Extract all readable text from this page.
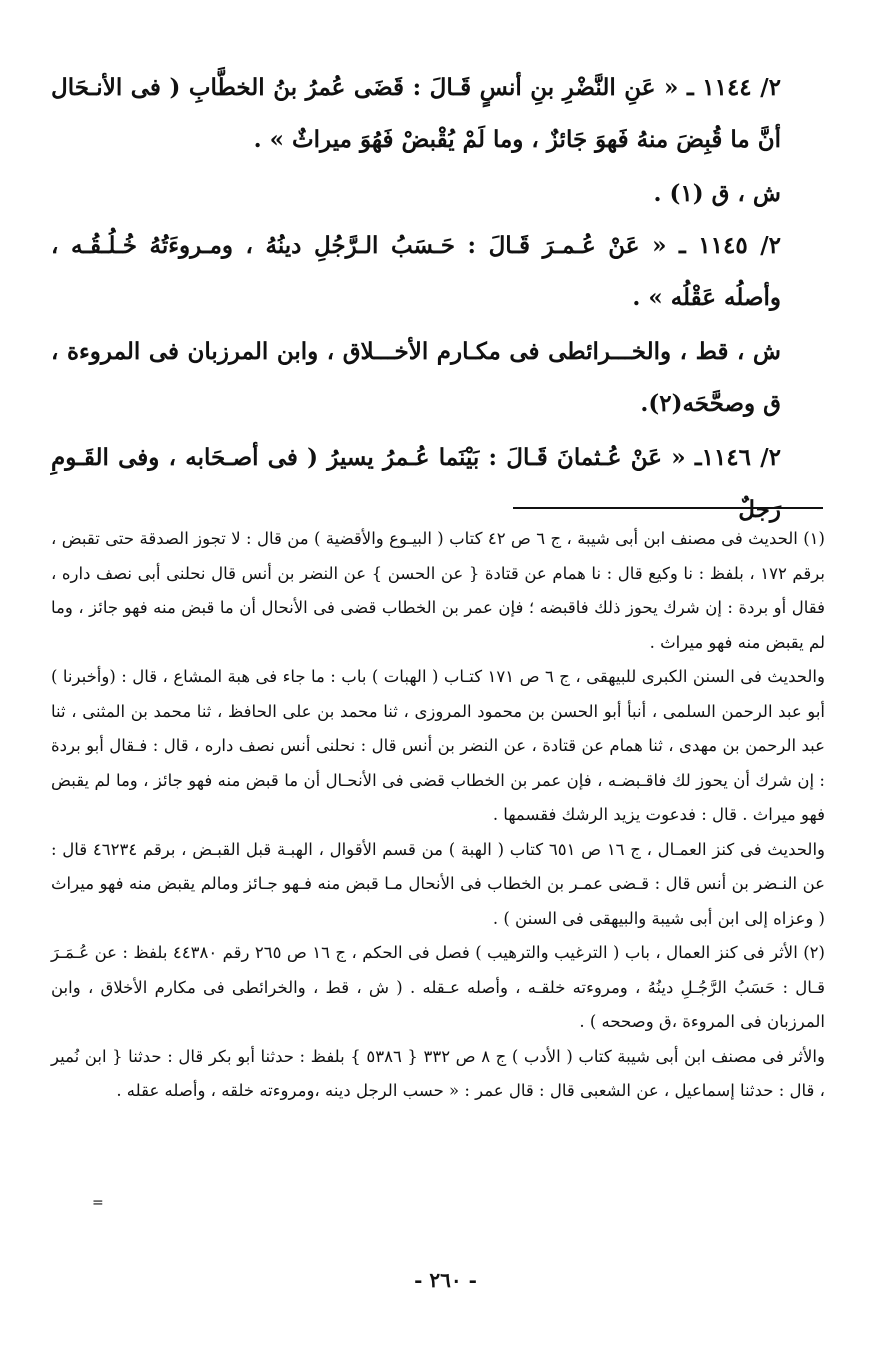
٢/ ١١٤٤ ـ « عَنِ النَّضْرِ بنِ أنسٍ قَـالَ : قَضَى عُمرُ بنُ الخطَّابِ ( فى الأنـحَال أنَّ ما قُبِضَ منهُ فَهوَ جَائزٌ ، وما لَمْ يُقْبضْ فَهُوَ ميراثٌ » .

ش ، ق (١) .

٢/ ١١٤٥ ـ « عَنْ عُـمـرَ قَـالَ : حَـسَبُ الـرَّجُلِ دينُهُ ، ومـروءَتُهُ خُـلُـقُـه ، وأصلُه عَقْلُه » .

ش ، قط ، والخـــرائطى فى مكـارم الأخـــلاق ، وابن المرزبان فى المروءة ، ق وصحَّحَه(٢).

٢/ ١١٤٦ـ « عَنْ عُـثمانَ قَـالَ : بَيْنَما عُـمرُ يسيرُ ( فى أصـحَابه ، وفى القَـومِ رَجلٌ

(١) الحديث فى مصنف ابن أبى شيبة ، ج ٦ ص ٤٢ كتاب ( البيـوع والأقضية ) من قال : لا تجوز الصدقة حتى تقبض ، برقم ١٧٢ ، بلفظ : نا وكيع قال : نا همام عن قتادة { عن الحسن } عن النضر بن أنس قال نحلنى أبى نصف داره ، فقال أو بردة : إن شرك يحوز ذلك فاقبضه ؛ فإن عمر بن الخطاب قضى فى الأنحال أن ما قبض منه فهو جائز ، وما لم يقبض منه فهو ميراث .

والحديث فى السنن الكبرى للبيهقى ، ج ٦ ص ١٧١ كتـاب ( الهبات ) باب : ما جاء فى هبة المشاع ، قال : (وأخبرنا ) أبو عبد الرحمن السلمى ، أنبأ أبو الحسن بن محمود المروزى ، ثنا محمد بن على الحافظ ، ثنا محمد بن المثنى ، ثنا عبد الرحمن بن مهدى ، ثنا همام عن قتادة ، عن النضر بن أنس قال : نحلنى أنس نصف داره ، قال : فـقال أبو بردة : إن شرك أن يحوز لك فاقـبضـه ، فإن عمر بن الخطاب قضى فى الأنحـال أن ما قبض منه فهو جائز ، وما لم يقبض فهو ميراث . قال : فدعوت يزيد الرشك فقسمها .

والحديث فى كنز العمـال ، ج ١٦ ص ٦٥١ كتاب ( الهبة ) من قسم الأقوال ، الهبـة قبل القبـض ، برقم ٤٦٢٣٤ قال : عن النـضر بن أنس قال : قـضى عمـر بن الخطاب فى الأنحال مـا قبض منه فـهو جـائز ومالم يقبض منه فهو ميراث ( وعزاه إلى ابن أبى شيبة والبيهقى فى السنن ) .

(٢) الأثر فى كنز العمال ، باب ( الترغيب والترهيب ) فصل فى الحكم ، ج ١٦ ص ٢٦٥ رقم ٤٤٣٨٠ بلفظ : عن عُـمَـرَ قـال : حَسَبُ الرَّجُـلِ دينُهُ ، ومروءته خلقـه ، وأصله عـقله . ( ش ، قط ، والخرائطى فى مكارم الأخلاق ، وابن المرزبان فى المروءة ،ق وصححه ) .

والأثر فى مصنف ابن أبى شيبة كتاب ( الأدب ) ج ٨ ص ٣٣٢ { ٥٣٨٦ } بلفظ : حدثنا أبو بكر قال : حدثنا { ابن نُمير ، قال : حدثنا إسماعيل ، عن الشعبى قال : قال عمر : « حسب الرجل دينه ،ومروءته خلقه ، وأصله عقله .

=
- ٢٦٠ -
